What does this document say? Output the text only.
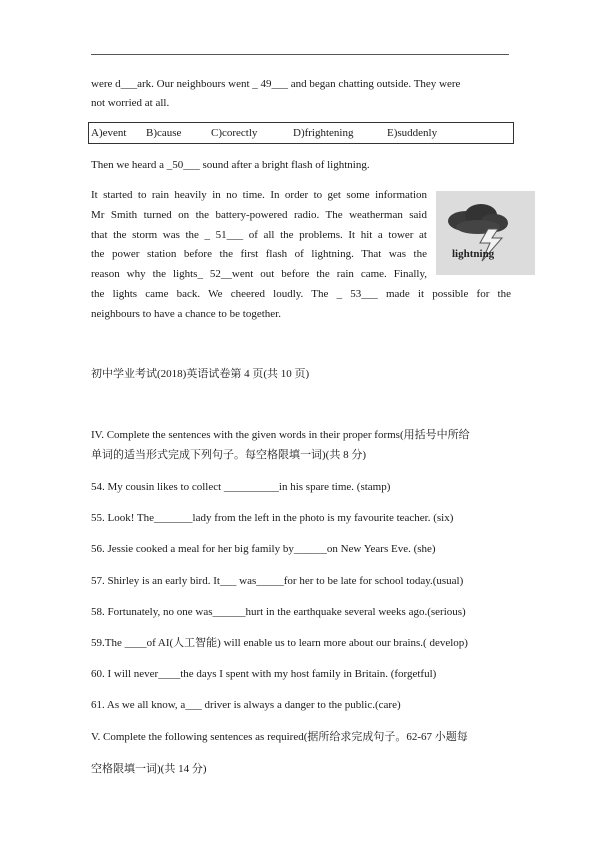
were d___ark. Our neighbours went _ 49___ and began chatting outside. They were
not worried at all.
A)event B)cause	C)corectly	D)frightening	E)suddenly
Then we heard a _50___ sound after a bright flash of lightning.
It started to rain heavily in no time. In order to get some information
Mr Smith turned on the battery-powered radio. The weatherman said
that the storm was the _ 51___ of all the problems. It hit a tower at
the power station before the first flash of lightning. That was the
reason why the lights_ 52__went out before the rain came. Finally,
the lights came back. We cheered loudly. The _ 53___ made it possible for the
neighbours to have a chance to be together.
lightning
初中学业考试(2018)英语试卷第 4 页(共 10 页)
IV. Complete the sentences with the given words in their proper forms(用括号中所给
单词的适当形式完成下列句子。每空格限填一词)(共 8 分)
54. My cousin likes to collect __________in his spare time. (stamp)
55. Look! The_______lady from the left in the photo is my favourite teacher. (six)
56. Jessie cooked a meal for her big family by______on New Years Eve. (she)
57. Shirley is an early bird. It___ was_____for her to be late for school today.(usual)
58. Fortunately, no one was______hurt in the earthquake several weeks ago.(serious)
59.The ____of AI(人工智能) will enable us to learn more about our brains.( develop)
60. I will never____the days I spent with my host family in Britain. (forgetful)
61. As we all know, a___ driver is always a danger to the public.(care)
V. Complete the following sentences as required(据所给求完成句子。62-67 小题每
空格限填一词)(共 14 分)
